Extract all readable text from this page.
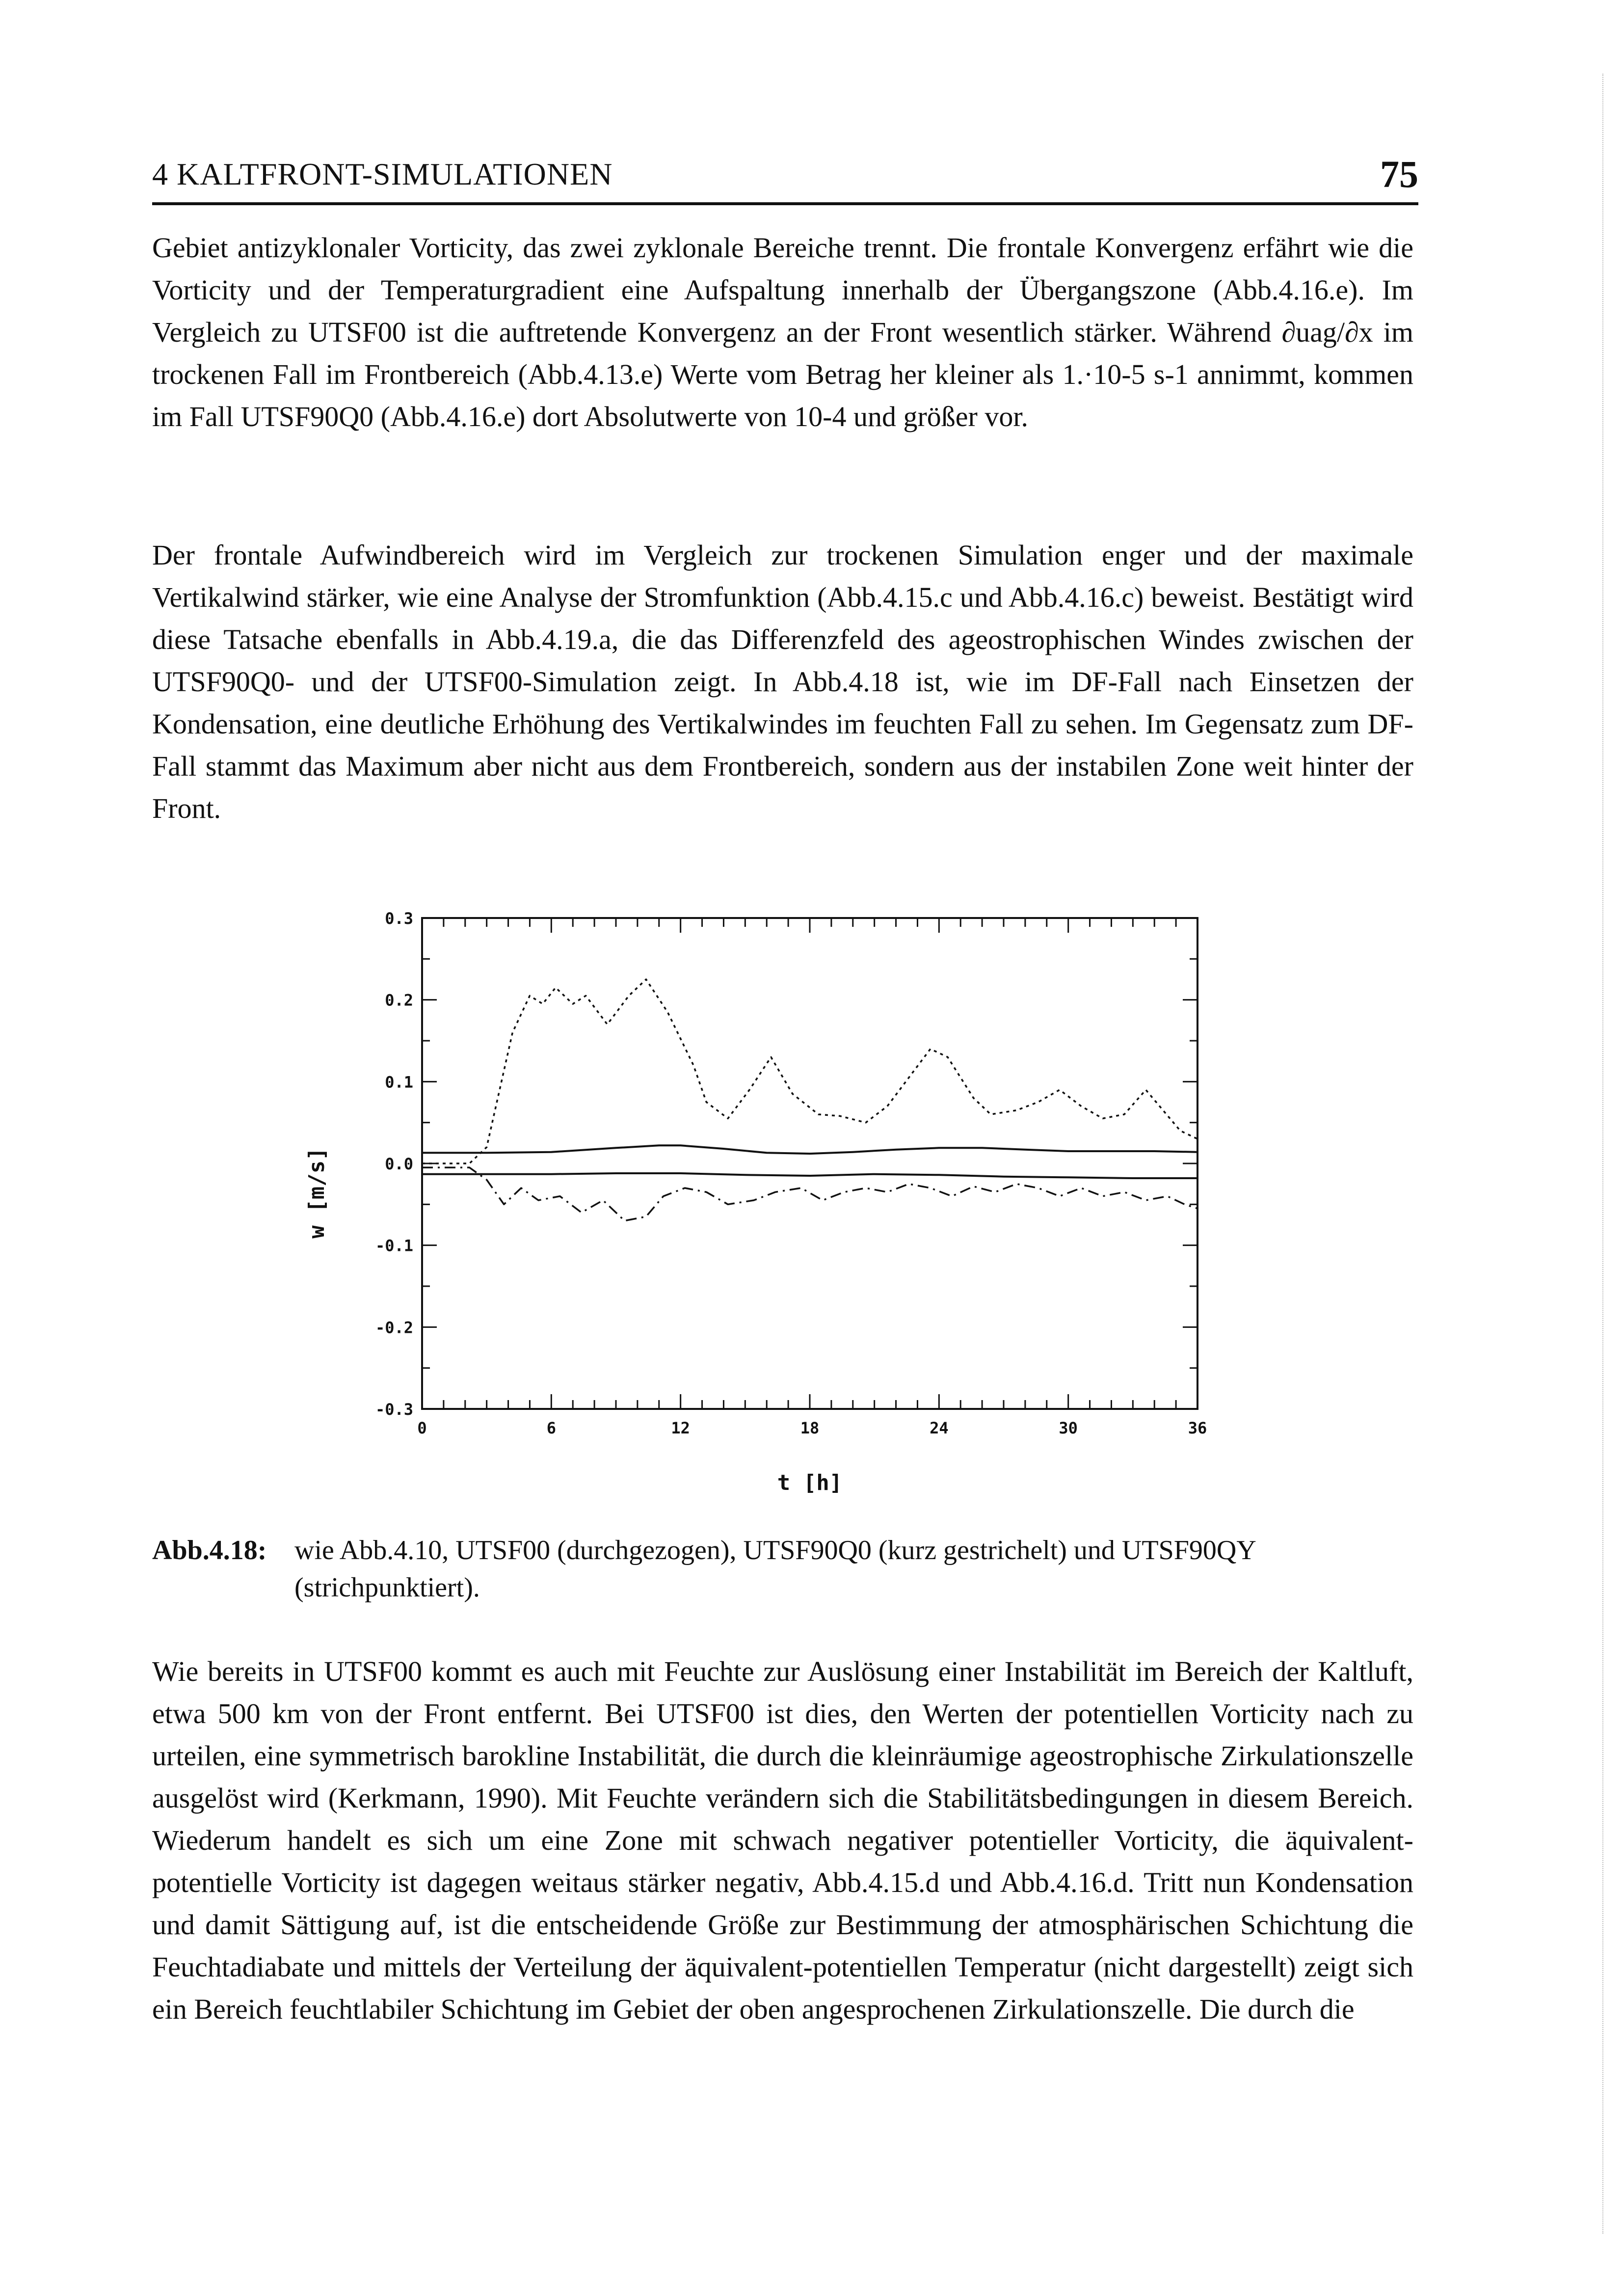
4 KALTFRONT-SIMULATIONEN	75

Gebiet antizyklonaler Vorticity, das zwei zyklonale Bereiche trennt. Die frontale Konvergenz erfährt wie die Vorticity und der Temperaturgradient eine Aufspaltung innerhalb der Übergangszone (Abb.4.16.e). Im Vergleich zu UTSF00 ist die auftretende Konvergenz an der Front wesentlich stärker. Während ∂uag/∂x im trockenen Fall im Frontbereich (Abb.4.13.e) Werte vom Betrag her kleiner als 1.·10-5 s-1 annimmt, kommen im Fall UTSF90Q0 (Abb.4.16.e) dort Absolutwerte von 10-4 und größer vor.

Der frontale Aufwindbereich wird im Vergleich zur trockenen Simulation enger und der maximale Vertikalwind stärker, wie eine Analyse der Stromfunktion (Abb.4.15.c und Abb.4.16.c) beweist. Bestätigt wird diese Tatsache ebenfalls in Abb.4.19.a, die das Differenzfeld des ageostrophischen Windes zwischen der UTSF90Q0- und der UTSF00-Simulation zeigt. In Abb.4.18 ist, wie im DF-Fall nach Einsetzen der Kondensation, eine deutliche Erhöhung des Vertikalwindes im feuchten Fall zu sehen. Im Gegensatz zum DF-Fall stammt das Maximum aber nicht aus dem Frontbereich, sondern aus der instabilen Zone weit hinter der Front.

0	6	12	18	24	30	36
0.3
0.2
0.1
0.0
-0.1
-0.2
-0.3
t [h]
w [m/s]
Abb.4.18: wie Abb.4.10, UTSF00 (durchgezogen), UTSF90Q0 (kurz gestrichelt) und UTSF90QY (strichpunktiert).

Wie bereits in UTSF00 kommt es auch mit Feuchte zur Auslösung einer Instabilität im Bereich der Kaltluft, etwa 500 km von der Front entfernt. Bei UTSF00 ist dies, den Werten der potentiellen Vorticity nach zu urteilen, eine symmetrisch barokline Instabilität, die durch die kleinräumige ageostrophische Zirkulationszelle ausgelöst wird (Kerkmann, 1990). Mit Feuchte verändern sich die Stabilitätsbedingungen in diesem Bereich. Wiederum handelt es sich um eine Zone mit schwach negativer potentieller Vorticity, die äquivalent-potentielle Vorticity ist dagegen weitaus stärker negativ, Abb.4.15.d und Abb.4.16.d. Tritt nun Kondensation und damit Sättigung auf, ist die entscheidende Größe zur Bestimmung der atmosphärischen Schichtung die Feuchtadiabate und mittels der Verteilung der äquivalent-potentiellen Temperatur (nicht dargestellt) zeigt sich ein Bereich feuchtlabiler Schichtung im Gebiet der oben angesprochenen Zirkulationszelle. Die durch die
